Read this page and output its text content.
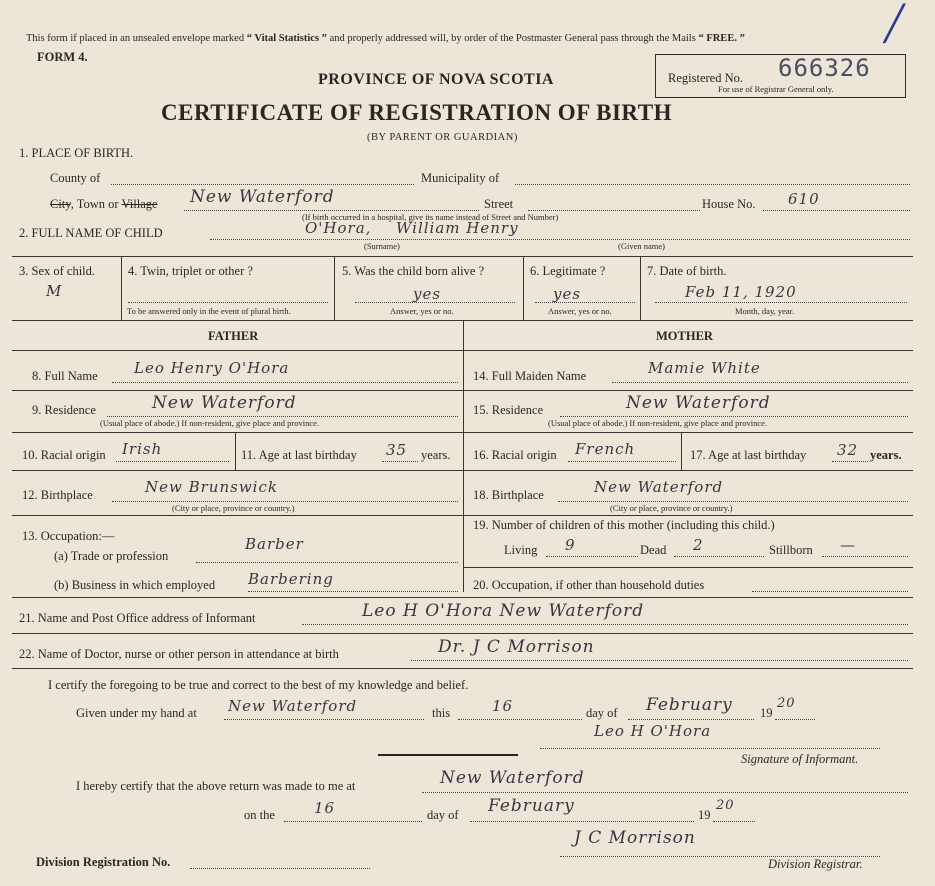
This form if placed in an unsealed envelope marked “ Vital Statistics ” and properly addressed will, by order of the Postmaster General pass through the Mails “ FREE. ”	╱
FORM 4.
PROVINCE OF NOVA SCOTIA
CERTIFICATE OF REGISTRATION OF BIRTH
(BY PARENT OR GUARDIAN)
Registered No.
For use of Registrar General only.
666326
1. PLACE OF BIRTH.
County of	Municipality of
City, Town or Village New Waterford	Street	House No. 610
(If birth occurred in a hospital, give its name instead of Street and Number)
2. FULL NAME OF CHILD	O'Hora, William Henry
(Surname)	(Given name)
3. Sex of child.
M
4. Twin, triplet or other ?
To be answered only in the event of plural birth.
5. Was the child born alive ?
yes
Answer, yes or no.
6. Legitimate ?
yes
Answer, yes or no.
7. Date of birth.
Feb 11, 1920
Month, day, year.
FATHER	MOTHER
8. Full Name Leo Henry O'Hora
9. Residence	New Waterford
(Usual place of abode.) If non-resident, give place and province.
10. Racial origin Irish	11. Age at last birthday 35 years.
12. Birthplace	New Brunswick
(City or place, province or country.)
13. Occupation:—
(a) Trade or profession
Barber
(b) Business in which employed Barbering
14. Full Maiden Name	Mamie White
15. Residence	New Waterford
(Usual place of abode.) If non-resident, give place and province.
16. Racial origin French	17. Age at last birthday 32 years.
18. Birthplace	New Waterford
(City or place, province or country.)
19. Number of children of this mother (including this child.)
Living 9	Dead 2	Stillborn —
20. Occupation, if other than household duties
21. Name and Post Office address of Informant	Leo H O'Hora New Waterford
22. Name of Doctor, nurse or other person in attendance at birth	Dr. J C Morrison
I certify the foregoing to be true and correct to the best of my knowledge and belief.
Given under my hand at New Waterford	this	16	day of February 19
20
Leo H O'Hora
Signature of Informant.
I hereby certify that the above return was made to me at	New Waterford
on the	16	day of February	19
20
J C Morrison
Division Registration No.	Division Registrar.
